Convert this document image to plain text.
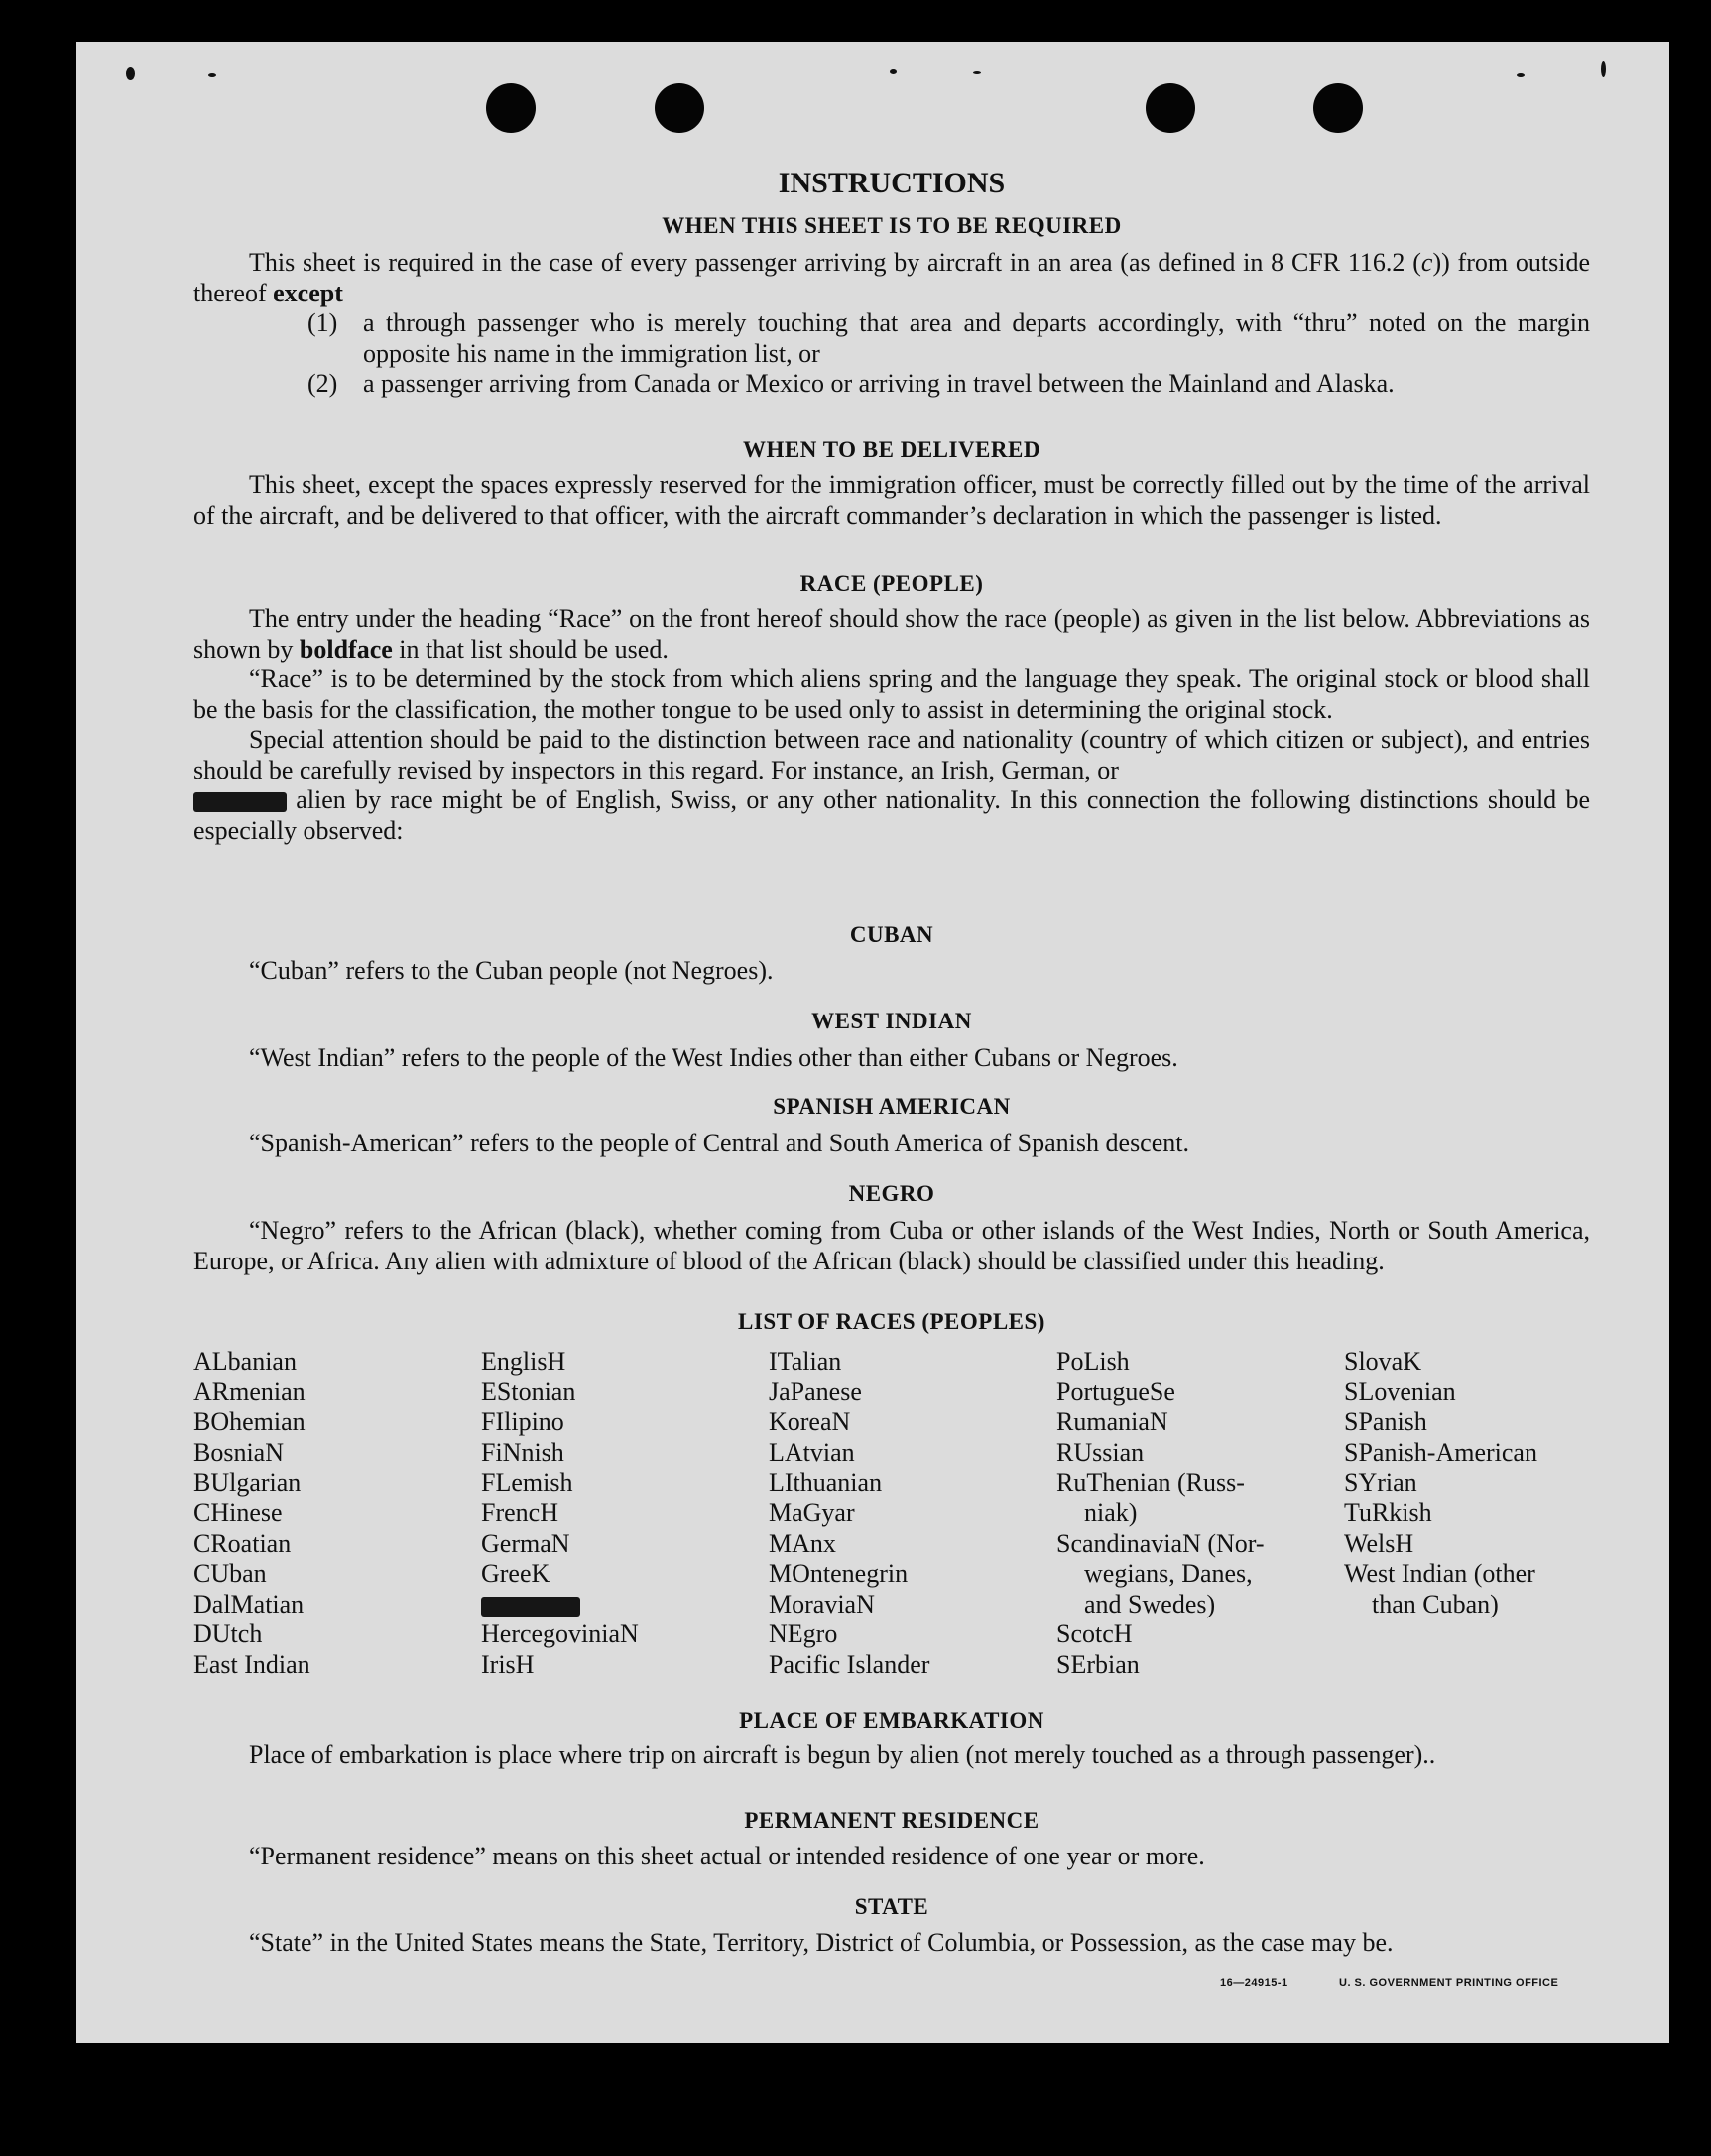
INSTRUCTIONS
WHEN THIS SHEET IS TO BE REQUIRED

This sheet is required in the case of every passenger arriving by aircraft in an area (as defined in 8 CFR 116.2 (c)) from outside thereof except

(1) a through passenger who is merely touching that area and departs accordingly, with “thru” noted on the margin opposite his name in the immigration list, or
(2) a passenger arriving from Canada or Mexico or arriving in travel between the Mainland and Alaska.
WHEN TO BE DELIVERED

This sheet, except the spaces expressly reserved for the immigration officer, must be correctly filled out by the time of the arrival of the aircraft, and be delivered to that officer, with the aircraft commander’s declaration in which the passenger is listed.

RACE (PEOPLE)

The entry under the heading “Race” on the front hereof should show the race (people) as given in the list below. Abbreviations as shown by boldface in that list should be used.

“Race” is to be determined by the stock from which aliens spring and the language they speak. The original stock or blood shall be the basis for the classification, the mother tongue to be used only to assist in determining the original stock.

Special attention should be paid to the distinction between race and nationality (country of which citizen or subject), and entries should be carefully revised by inspectors in this regard. For instance, an Irish, German, or
alien by race might be of English, Swiss, or any other nationality. In this connection the following distinctions should be especially observed:

CUBAN

“Cuban” refers to the Cuban people (not Negroes).

WEST INDIAN

“West Indian” refers to the people of the West Indies other than either Cubans or Negroes.

SPANISH AMERICAN

“Spanish-American” refers to the people of Central and South America of Spanish descent.

NEGRO

“Negro” refers to the African (black), whether coming from Cuba or other islands of the West Indies, North or South America, Europe, or Africa. Any alien with admixture of blood of the African (black) should be classified under this heading.

LIST OF RACES (PEOPLES)
ALbanian
ARmenian
BOhemian
BosniaN
BUlgarian
CHinese
CRoatian
CUban
DalMatian
DUtch
East Indian
EnglisH
EStonian
FIlipino
FiNnish
FLemish
FrencH
GermaN
GreeK
HercegoviniaN
IrisH
ITalian
JaPanese
KoreaN
LAtvian
LIthuanian
MaGyar
MAnx
MOntenegrin
MoraviaN
NEgro
Pacific Islander
PoLish
PortugueSe
RumaniaN
RUssian
RuThenian (Russ-
niak)
ScandinaviaN (Nor-
wegians, Danes,
and Swedes)
ScotcH
SErbian
SlovaK
SLovenian
SPanish
SPanish-American
SYrian
TuRkish
WelsH
West Indian (other
than Cuban)
PLACE OF EMBARKATION

Place of embarkation is place where trip on aircraft is begun by alien (not merely touched as a through passenger)..

PERMANENT RESIDENCE

“Permanent residence” means on this sheet actual or intended residence of one year or more.

STATE

“State” in the United States means the State, Territory, District of Columbia, or Possession, as the case may be.

16—24915-1	U. S. GOVERNMENT PRINTING OFFICE
